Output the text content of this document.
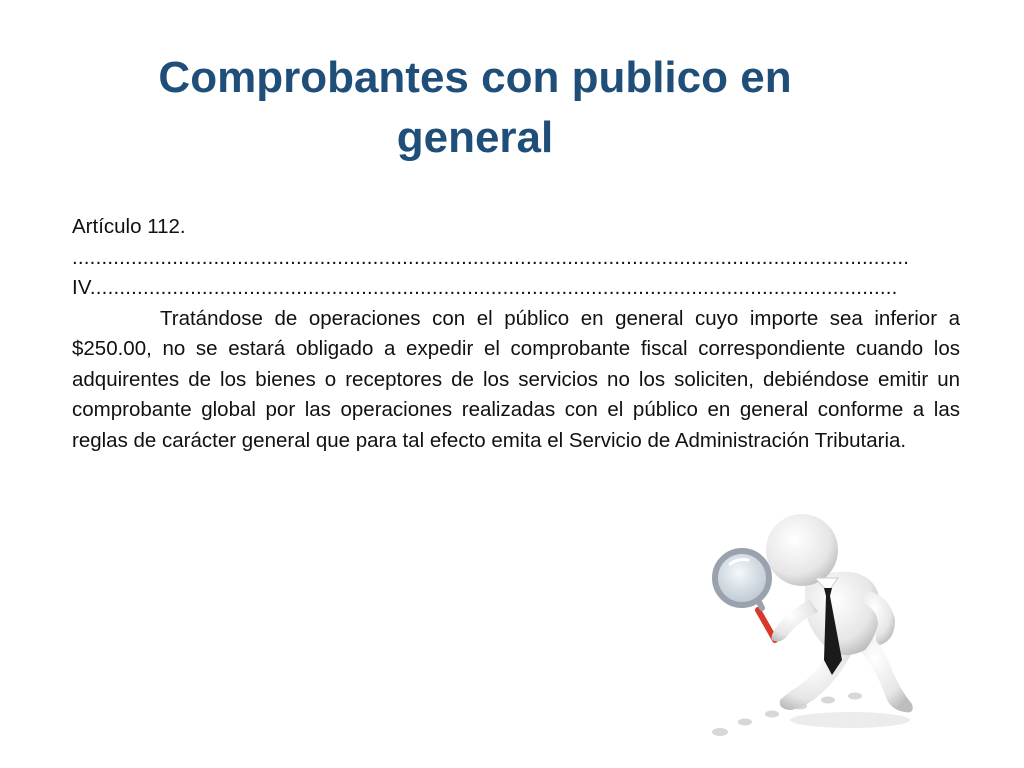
Comprobantes con publico en general

Artículo 112.

..............................................................................................................................................

IV.........................................................................................................................................

Tratándose de operaciones con el público en general cuyo importe sea inferior a $250.00, no se estará obligado a expedir el comprobante fiscal correspondiente cuando los adquirentes de los bienes o receptores de los servicios no los soliciten, debiéndose emitir un comprobante global por las operaciones realizadas con el público en general conforme a las reglas de carácter general que para tal efecto emita el Servicio de Administración Tributaria.
